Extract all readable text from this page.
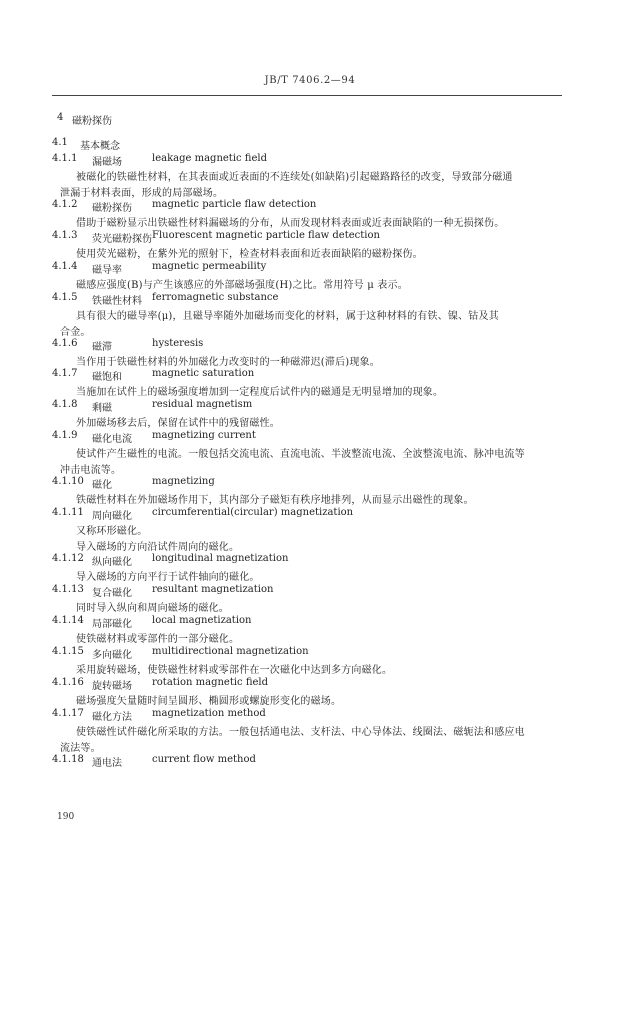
JB/T 7406.2—94
4 磁粉探伤
4.1 基本概念
4.1.1 漏磁场	leakage magnetic field
被磁化的铁磁性材料，在其表面或近表面的不连续处(如缺陷)引起磁路路径的改变，导致部分磁通
泄漏于材料表面，形成的局部磁场。
4.1.2 磁粉探伤 magnetic particle flaw detection
借助于磁粉显示出铁磁性材料漏磁场的分布，从而发现材料表面或近表面缺陷的一种无损探伤。
4.1.3 荧光磁粉探伤 Fluorescent magnetic particle flaw detection
使用荧光磁粉，在紫外光的照射下，检查材料表面和近表面缺陷的磁粉探伤。
4.1.4 磁导率	magnetic permeability
磁感应强度(B)与产生该感应的外部磁场强度(H)之比。常用符号 μ 表示。
4.1.5 铁磁性材料 ferromagnetic substance
具有很大的磁导率(μ)，且磁导率随外加磁场而变化的材料，属于这种材料的有铁、镍、钴及其
合金。
4.1.6 磁滞	hysteresis
当作用于铁磁性材料的外加磁化力改变时的一种磁滞迟(滞后)现象。
4.1.7 磁饱和	magnetic saturation
当施加在试件上的磁场强度增加到一定程度后试件内的磁通是无明显增加的现象。
4.1.8 剩磁	residual magnetism
外加磁场移去后，保留在试件中的残留磁性。
4.1.9 磁化电流 magnetizing current
使试件产生磁性的电流。一般包括交流电流、直流电流、半波整流电流、全波整流电流、脉冲电流等
冲击电流等。
4.1.10 磁化	magnetizing
铁磁性材料在外加磁场作用下，其内部分子磁矩有秩序地排列，从而显示出磁性的现象。
4.1.11 周向磁化 circumferential(circular) magnetization
又称环形磁化。
导入磁场的方向沿试件周向的磁化。
4.1.12 纵向磁化 longitudinal magnetization
导入磁场的方向平行于试件轴向的磁化。
4.1.13 复合磁化 resultant magnetization
同时导入纵向和周向磁场的磁化。
4.1.14 局部磁化 local magnetization
使铁磁材料或零部件的一部分磁化。
4.1.15 多向磁化 multidirectional magnetization
采用旋转磁场，使铁磁性材料或零部件在一次磁化中达到多方向磁化。
4.1.16 旋转磁场 rotation magnetic field
磁场强度矢量随时间呈圆形、椭圆形或螺旋形变化的磁场。
4.1.17 磁化方法 magnetization method
使铁磁性试件磁化所采取的方法。一般包括通电法、支杆法、中心导体法、线圈法、磁轭法和感应电
流法等。
4.1.18 通电法	current flow method
190
